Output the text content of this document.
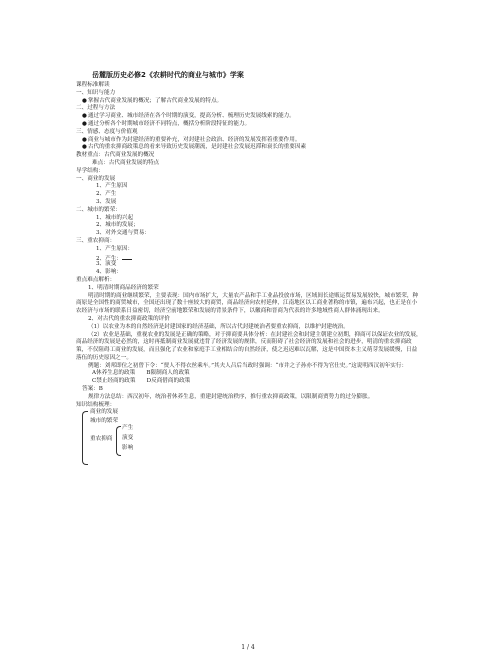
岳麓版历史必修2《农耕时代的商业与城市》学案
课程标准解读
一、知识与能力
● 掌握古代商业发展的概况；了解古代商业发展的特点。
二、过程与方法
● 通过学习商业、城市经济在各个时期的演变，提高分析、梳理历史发展线索的能力。
● 通过分析各个时期城市经济不同特点，概括分析阶段特征的能力。
三、情感、态度与价值观
● 商业与城市作为封建经济的重要补充，对封建社会政治、经济的发展发挥着重要作用。
● 古代的重农抑商政策总的看来导致历史发展潮流，是封建社会发展迟滞和衰长的重要因素
教材重点：古代商业发展的概况
难点：古代商业发展的特点
导学结构：
一、商业的发展
1、产生原因
2、产生
3、发展
二、城市的繁荣：
1、城市的兴起
2、城市的发展；
3、对外交通与贸易：
三、重农抑商：
1、产生原因：
2、产生：
3、演变
4、影响：
重点难点解析：
1、明清时期商品经济的繁荣
明清时期的商业继续繁荣，主要表现：国内市场扩大，大量农产品和手工业品投放市场，区域间长途贩运贸易发展较快，城市繁荣，种商原是全国性的商贸城市，全国还出现了数十座较大的商贸，商品经济向农村延伸，江南地区以工商业著称的市镇，遍布兴起，也正是在小农经济与市场的联系日益密切，经济空前地繁荣和发展的背景条件下，以徽商和晋商为代表的许多地域性商人群体涌现出来。
2、对古代的重农抑商政策的评价
（1）以农业为本的自然经济是封建国家的经济基础，所以古代封建统治者要重农抑商，以维护封建统治。
（2）农业是基础，重视农业的发展是正确的策略，对于抑商要具体分析：在封建社会和封建主朝建立初期，抑商可以保证农业的发展，商品经济的发展是必然的，这时再抵制商业发展就违背了经济发展的规律，反而阻碍了社会经济的发展和社会的进步，明清的重农抑商政策，不仅阻碍工商业的发展，而且强化了农业和家庭手工业相结合的自然经济，使之迟迟难以瓦解，这是中国资本主义萌芽发展缓慢，日益落伍的历史原因之一。
例题：刘邦即位之初曾下令：“贾人不得衣丝乘车。”其夫人吕后当政时强调：“市井之子孙亦不得为官仕史。”这说明西汉初年实行：
A休养生息的政策　　B限制商人的政策
C禁止经商的政策　　D反商借商的政策
答案：B
规律方法总结：西汉初年，统治者休养生息，重建封建统治秩序，推行重农抑商政策，以限制商贾势力的过分膨胀。
知识结构梳理：
商业的发展
城市的繁荣
重农抑商
产生
演变
影响
1 / 4
